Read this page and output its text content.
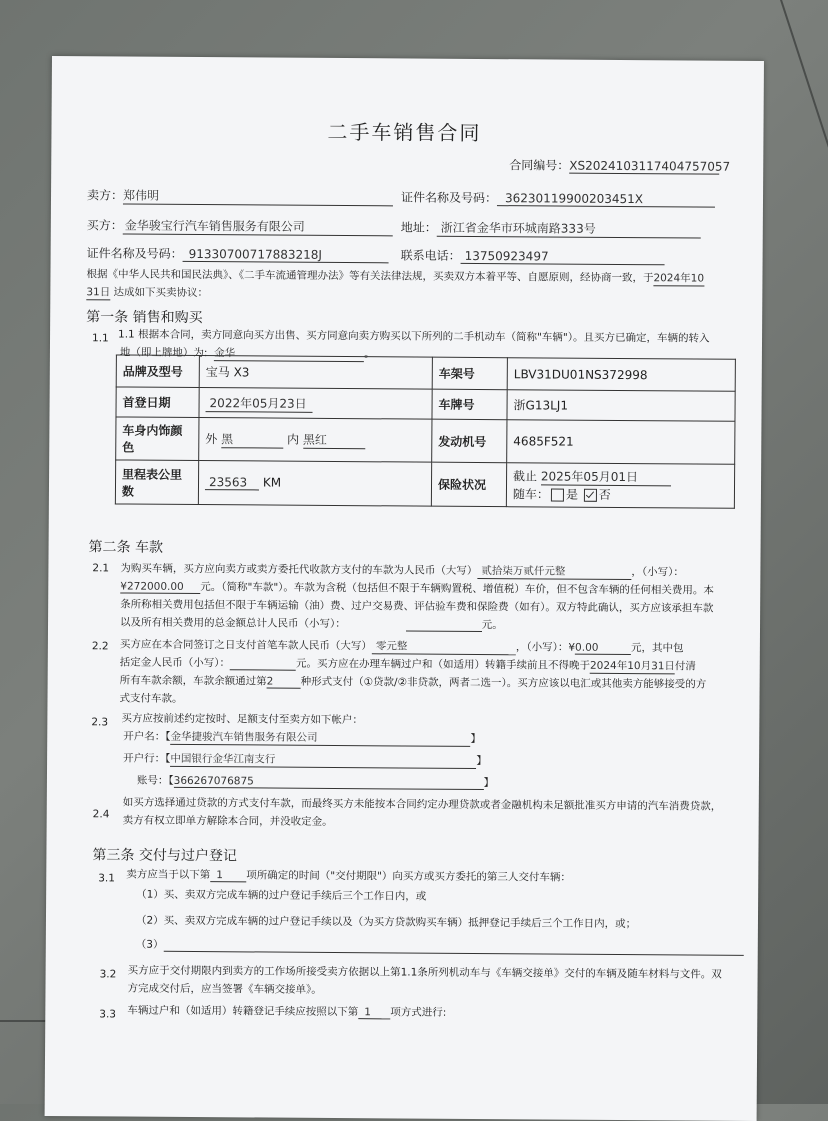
二手车销售合同
合同编号：XS2024103117404757057
卖方：郑伟明	证件名称及号码： 36230119900203451X
买方： 金华骏宝行汽车销售服务有限公司	地址： 浙江省金华市环城南路333号
证件名称及号码： 91330700717883218J	联系电话： 13750923497
根据《中华人民共和国民法典》、《二手车流通管理办法》等有关法律法规，买卖双方本着平等、自愿原则，经协商一致，于2024年10
31日 达成如下买卖协议：
第一条 销售和购买
1.1 1.1 根据本合同，卖方同意向买方出售、买方同意向卖方购买以下所列的二手机动车（简称"车辆"）。且买方已确定，车辆的转入
地（即上牌地）为: 金华	。
品牌及型号	宝马 X3	车架号	LBV31DU01NS372998
首登日期	2022年05月23日	车牌号	浙G13LJ1
车身内饰颜色	外 黑 内 黑红	发动机号	4685F521
里程表公里数	23563 KM	保险状况	截止 2025年05月01日
随车： 是 否
第二条 车款
2.1 为购买车辆，买方应向卖方或卖方委托代收款方支付的车款为人民币（大写） 贰拾柒万贰仟元整	，（小写）：
¥272000.00 元。（简称"车款"）。车款为含税（包括但不限于车辆购置税、增值税）车价，但不包含车辆的任何相关费用。本
条所称相关费用包括但不限于车辆运输（油）费、过户交易费、评估验车费和保险费（如有）。双方特此确认，买方应该承担车款
以及所有相关费用的总金额总计人民币（小写）：	元。
2.2 买方应在本合同签订之日支付首笔车款人民币（大写） 零元整	，（小写）：¥0.00	元，其中包
括定金人民币（小写）：	元。买方应在办理车辆过户和（如适用）转籍手续前且不得晚于2024年10月31日付清
所有车款余额，车款余额通过第2	种形式支付（①贷款/②非贷款，两者二选一）。买方应该以电汇或其他卖方能够接受的方
式支付车款。
2.3 买方应按前述约定按时、足额支付至卖方如下帐户：
开户名：【金华捷骏汽车销售服务有限公司	】
开户行：【中国银行金华江南支行	】
账号：【366267076875	】
2.4
如买方选择通过贷款的方式支付车款，而最终买方未能按本合同约定办理贷款或者金融机构未足额批准买方申请的汽车消费贷款，
卖方有权立即单方解除本合同，并没收定金。
第三条 交付与过户登记
3.1 卖方应当于以下第 1 项所确定的时间（"交付期限"）向买方或买方委托的第三人交付车辆：
（1）买、卖双方完成车辆的过户登记手续后三个工作日内，或
（2）买、卖双方完成车辆的过户登记手续以及（为买方贷款购买车辆）抵押登记手续后三个工作日内，或；
（3）
3.2 买方应于交付期限内到卖方的工作场所接受卖方依据以上第1.1条所列机动车与《车辆交接单》交付的车辆及随车材料与文件。双
方完成交付后，应当签署《车辆交接单》。
3.3 车辆过户和（如适用）转籍登记手续应按照以下第 1 项方式进行:
